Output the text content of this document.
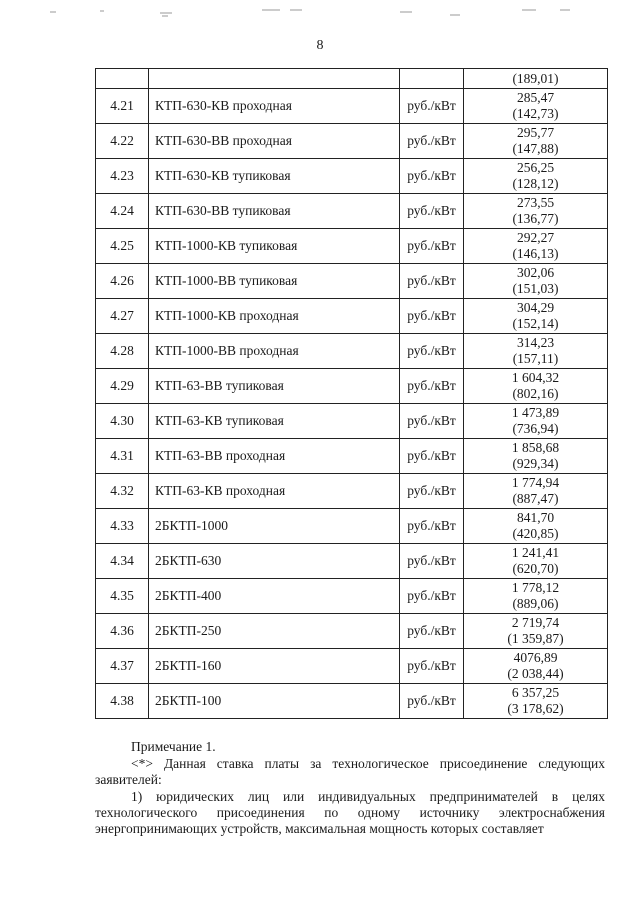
8

			(189,01)

4.21	КТП-630-КВ проходная	руб./кВт	285,47
(142,73)

4.22	КТП-630-ВВ проходная	руб./кВт	295,77
(147,88)

4.23	КТП-630-КВ тупиковая	руб./кВт	256,25
(128,12)

4.24	КТП-630-ВВ тупиковая	руб./кВт	273,55
(136,77)

4.25	КТП-1000-КВ тупиковая	руб./кВт	292,27
(146,13)

4.26	КТП-1000-ВВ тупиковая	руб./кВт	302,06
(151,03)

4.27	КТП-1000-КВ проходная	руб./кВт	304,29
(152,14)

4.28	КТП-1000-ВВ проходная	руб./кВт	314,23
(157,11)

4.29	КТП-63-ВВ тупиковая	руб./кВт	1 604,32
(802,16)

4.30	КТП-63-КВ тупиковая	руб./кВт	1 473,89
(736,94)

4.31	КТП-63-ВВ проходная	руб./кВт	1 858,68
(929,34)

4.32	КТП-63-КВ проходная	руб./кВт	1 774,94
(887,47)

4.33	2БКТП-1000	руб./кВт	841,70
(420,85)

4.34	2БКТП-630	руб./кВт	1 241,41
(620,70)

4.35	2БКТП-400	руб./кВт	1 778,12
(889,06)

4.36	2БКТП-250	руб./кВт	2 719,74
(1 359,87)

4.37	2БКТП-160	руб./кВт	4076,89
(2 038,44)

4.38	2БКТП-100	руб./кВт	6 357,25
(3 178,62)
Примечание 1.
<*> Данная ставка платы за технологическое присоединение следующих заявителей:
1) юридических лиц или индивидуальных предпринимателей в целях технологического присоединения по одному источнику электроснабжения энергопринимающих устройств, максимальная мощность которых составляет
